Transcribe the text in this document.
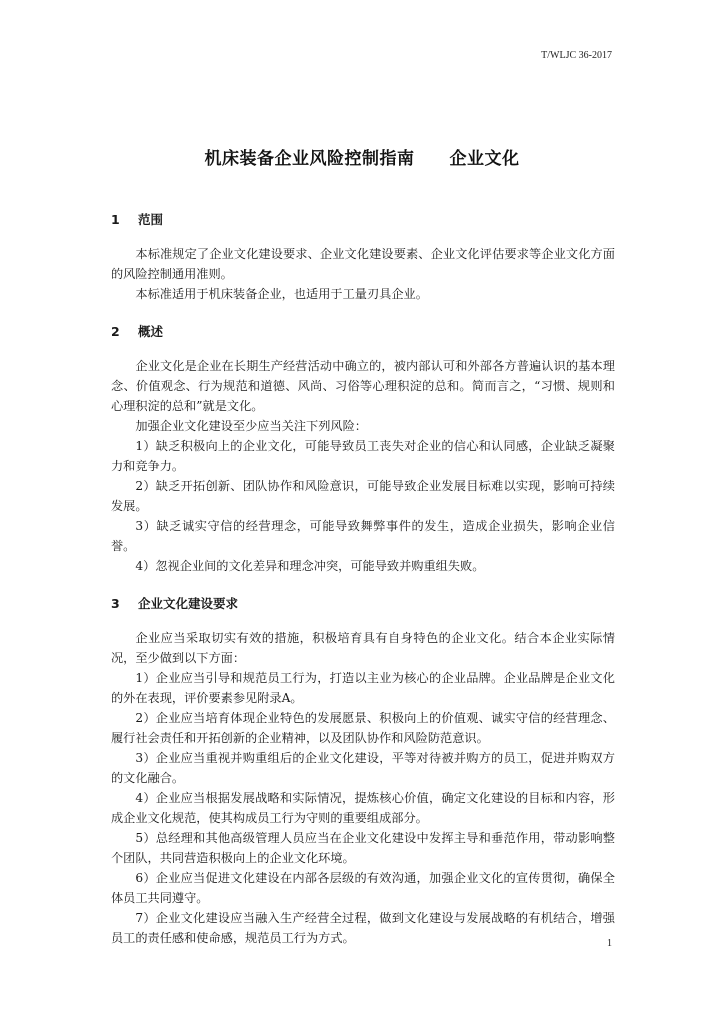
T/WLJC 36-2017
机床装备企业风险控制指南　　企业文化
1 范围

本标准规定了企业文化建设要求、企业文化建设要素、企业文化评估要求等企业文化方面的风险控制通用准则。

本标准适用于机床装备企业，也适用于工量刃具企业。

2 概述

企业文化是企业在长期生产经营活动中确立的，被内部认可和外部各方普遍认识的基本理念、价值观念、行为规范和道德、风尚、习俗等心理积淀的总和。简而言之，“习惯、规则和心理积淀的总和”就是文化。

加强企业文化建设至少应当关注下列风险：

1）缺乏积极向上的企业文化，可能导致员工丧失对企业的信心和认同感，企业缺乏凝聚力和竞争力。

2）缺乏开拓创新、团队协作和风险意识，可能导致企业发展目标难以实现，影响可持续发展。

3）缺乏诚实守信的经营理念，可能导致舞弊事件的发生，造成企业损失，影响企业信誉。

4）忽视企业间的文化差异和理念冲突，可能导致并购重组失败。

3 企业文化建设要求

企业应当采取切实有效的措施，积极培育具有自身特色的企业文化。结合本企业实际情况，至少做到以下方面：

1）企业应当引导和规范员工行为，打造以主业为核心的企业品牌。企业品牌是企业文化的外在表现，评价要素参见附录A。

2）企业应当培育体现企业特色的发展愿景、积极向上的价值观、诚实守信的经营理念、履行社会责任和开拓创新的企业精神，以及团队协作和风险防范意识。

3）企业应当重视并购重组后的企业文化建设，平等对待被并购方的员工，促进并购双方的文化融合。

4）企业应当根据发展战略和实际情况，提炼核心价值，确定文化建设的目标和内容，形成企业文化规范，使其构成员工行为守则的重要组成部分。

5）总经理和其他高级管理人员应当在企业文化建设中发挥主导和垂范作用，带动影响整个团队，共同营造积极向上的企业文化环境。

6）企业应当促进文化建设在内部各层级的有效沟通，加强企业文化的宣传贯彻，确保全体员工共同遵守。

7）企业文化建设应当融入生产经营全过程，做到文化建设与发展战略的有机结合，增强员工的责任感和使命感，规范员工行为方式。	1
